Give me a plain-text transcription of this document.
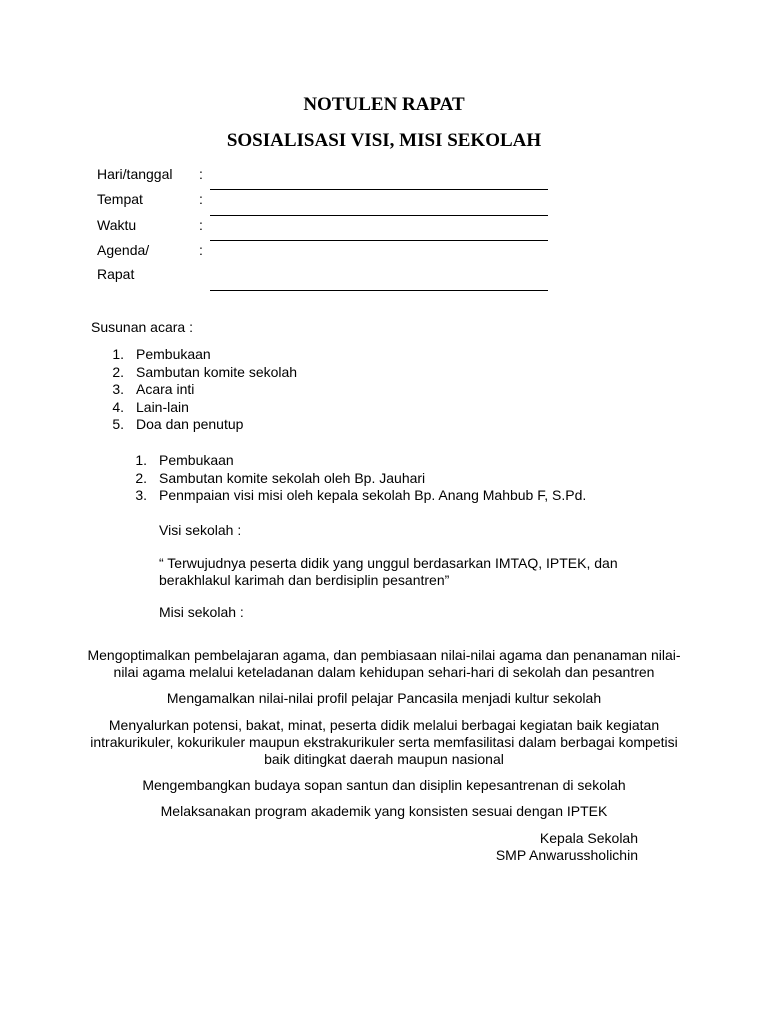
NOTULEN RAPAT
SOSIALISASI VISI, MISI SEKOLAH
Hari/tanggal :
Tempat	:
Waktu	:
Agenda/	:
Rapat
Susunan acara :
1. Pembukaan
2. Sambutan komite sekolah
3. Acara inti
4. Lain-lain
5. Doa dan penutup
1. Pembukaan
2. Sambutan komite sekolah oleh Bp. Jauhari
3. Penmpaian visi misi oleh kepala sekolah Bp. Anang Mahbub F, S.Pd.
Visi sekolah :
“ Terwujudnya peserta didik yang unggul berdasarkan IMTAQ, IPTEK, dan
berakhlakul karimah dan berdisiplin pesantren”
Misi sekolah :
Mengoptimalkan pembelajaran agama, dan pembiasaan nilai-nilai agama dan penanaman nilai-
nilai agama melalui keteladanan dalam kehidupan sehari-hari di sekolah dan pesantren
Mengamalkan nilai-nilai profil pelajar Pancasila menjadi kultur sekolah
Menyalurkan potensi, bakat, minat, peserta didik melalui berbagai kegiatan baik kegiatan
intrakurikuler, kokurikuler maupun ekstrakurikuler serta memfasilitasi dalam berbagai kompetisi
baik ditingkat daerah maupun nasional
Mengembangkan budaya sopan santun dan disiplin kepesantrenan di sekolah
Melaksanakan program akademik yang konsisten sesuai dengan IPTEK
Kepala Sekolah
SMP Anwarussholichin
